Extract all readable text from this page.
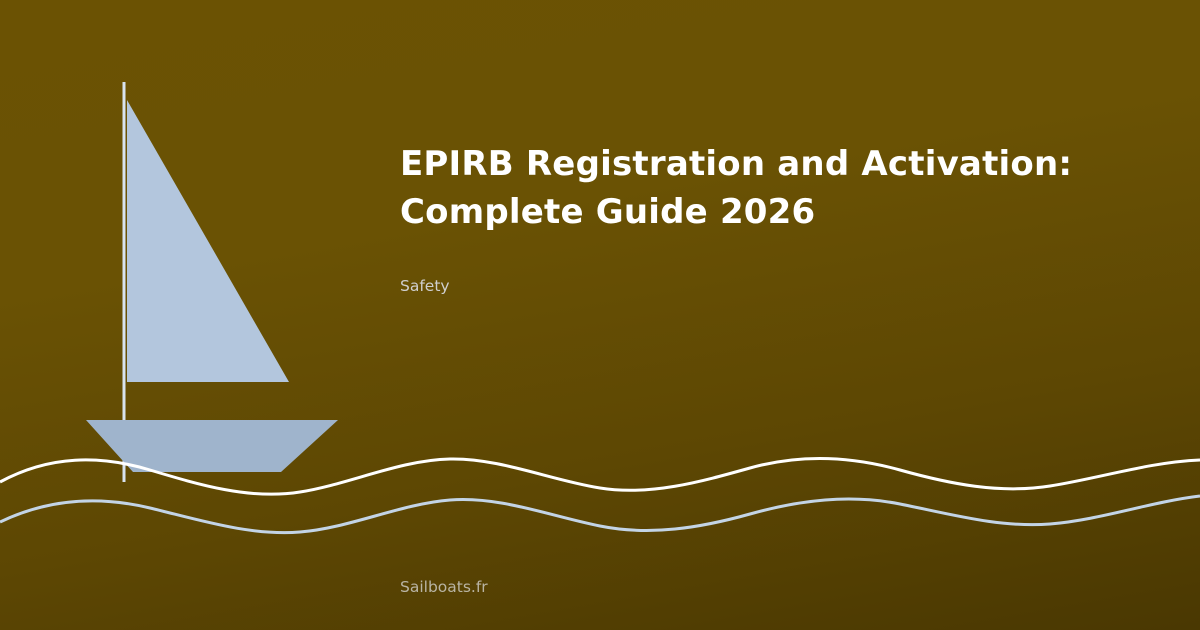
EPIRB Registration and Activation: Complete Guide 2026

Safety

Sailboats.fr
